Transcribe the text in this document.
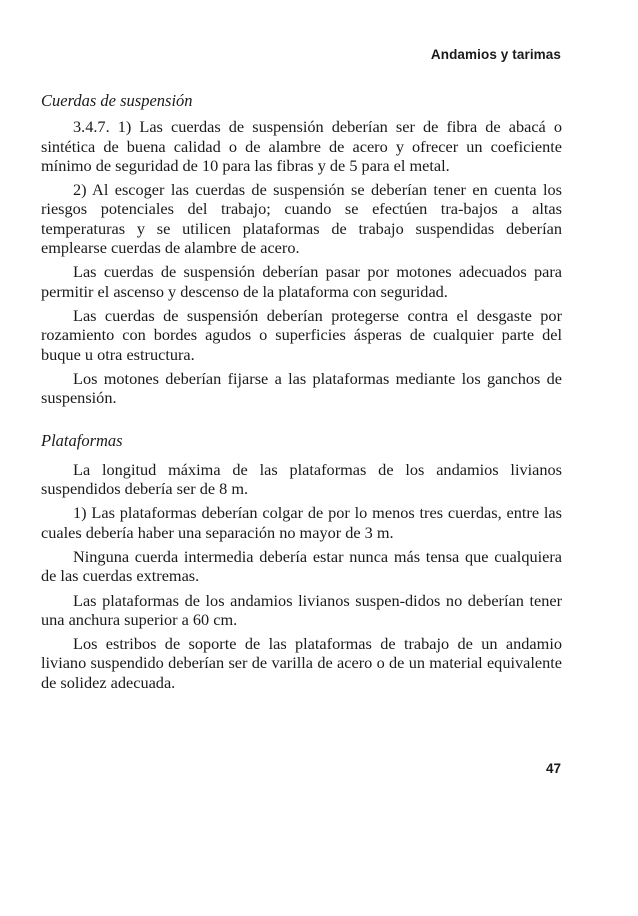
Andamios y tarimas
Cuerdas de suspensión

3.4.7. 1) Las cuerdas de suspensión deberían ser de fibra de abacá o sintética de buena calidad o de alambre de acero y ofrecer un coeficiente mínimo de seguridad de 10 para las fibras y de 5 para el metal.

2) Al escoger las cuerdas de suspensión se deberían tener en cuenta los riesgos potenciales del trabajo; cuando se efectúen tra-bajos a altas temperaturas y se utilicen plataformas de trabajo suspendidas deberían emplearse cuerdas de alambre de acero.

Las cuerdas de suspensión deberían pasar por motones adecuados para permitir el ascenso y descenso de la plataforma con seguridad.

Las cuerdas de suspensión deberían protegerse contra el desgaste por rozamiento con bordes agudos o superficies ásperas de cualquier parte del buque u otra estructura.

Los motones deberían fijarse a las plataformas mediante los ganchos de suspensión.

Plataformas

La longitud máxima de las plataformas de los andamios livianos suspendidos debería ser de 8 m.

1) Las plataformas deberían colgar de por lo menos tres cuerdas, entre las cuales debería haber una separación no mayor de 3 m.

Ninguna cuerda intermedia debería estar nunca más tensa que cualquiera de las cuerdas extremas.

Las plataformas de los andamios livianos suspen-didos no deberían tener una anchura superior a 60 cm.

Los estribos de soporte de las plataformas de trabajo de un andamio liviano suspendido deberían ser de varilla de acero o de un material equivalente de solidez adecuada.

47
